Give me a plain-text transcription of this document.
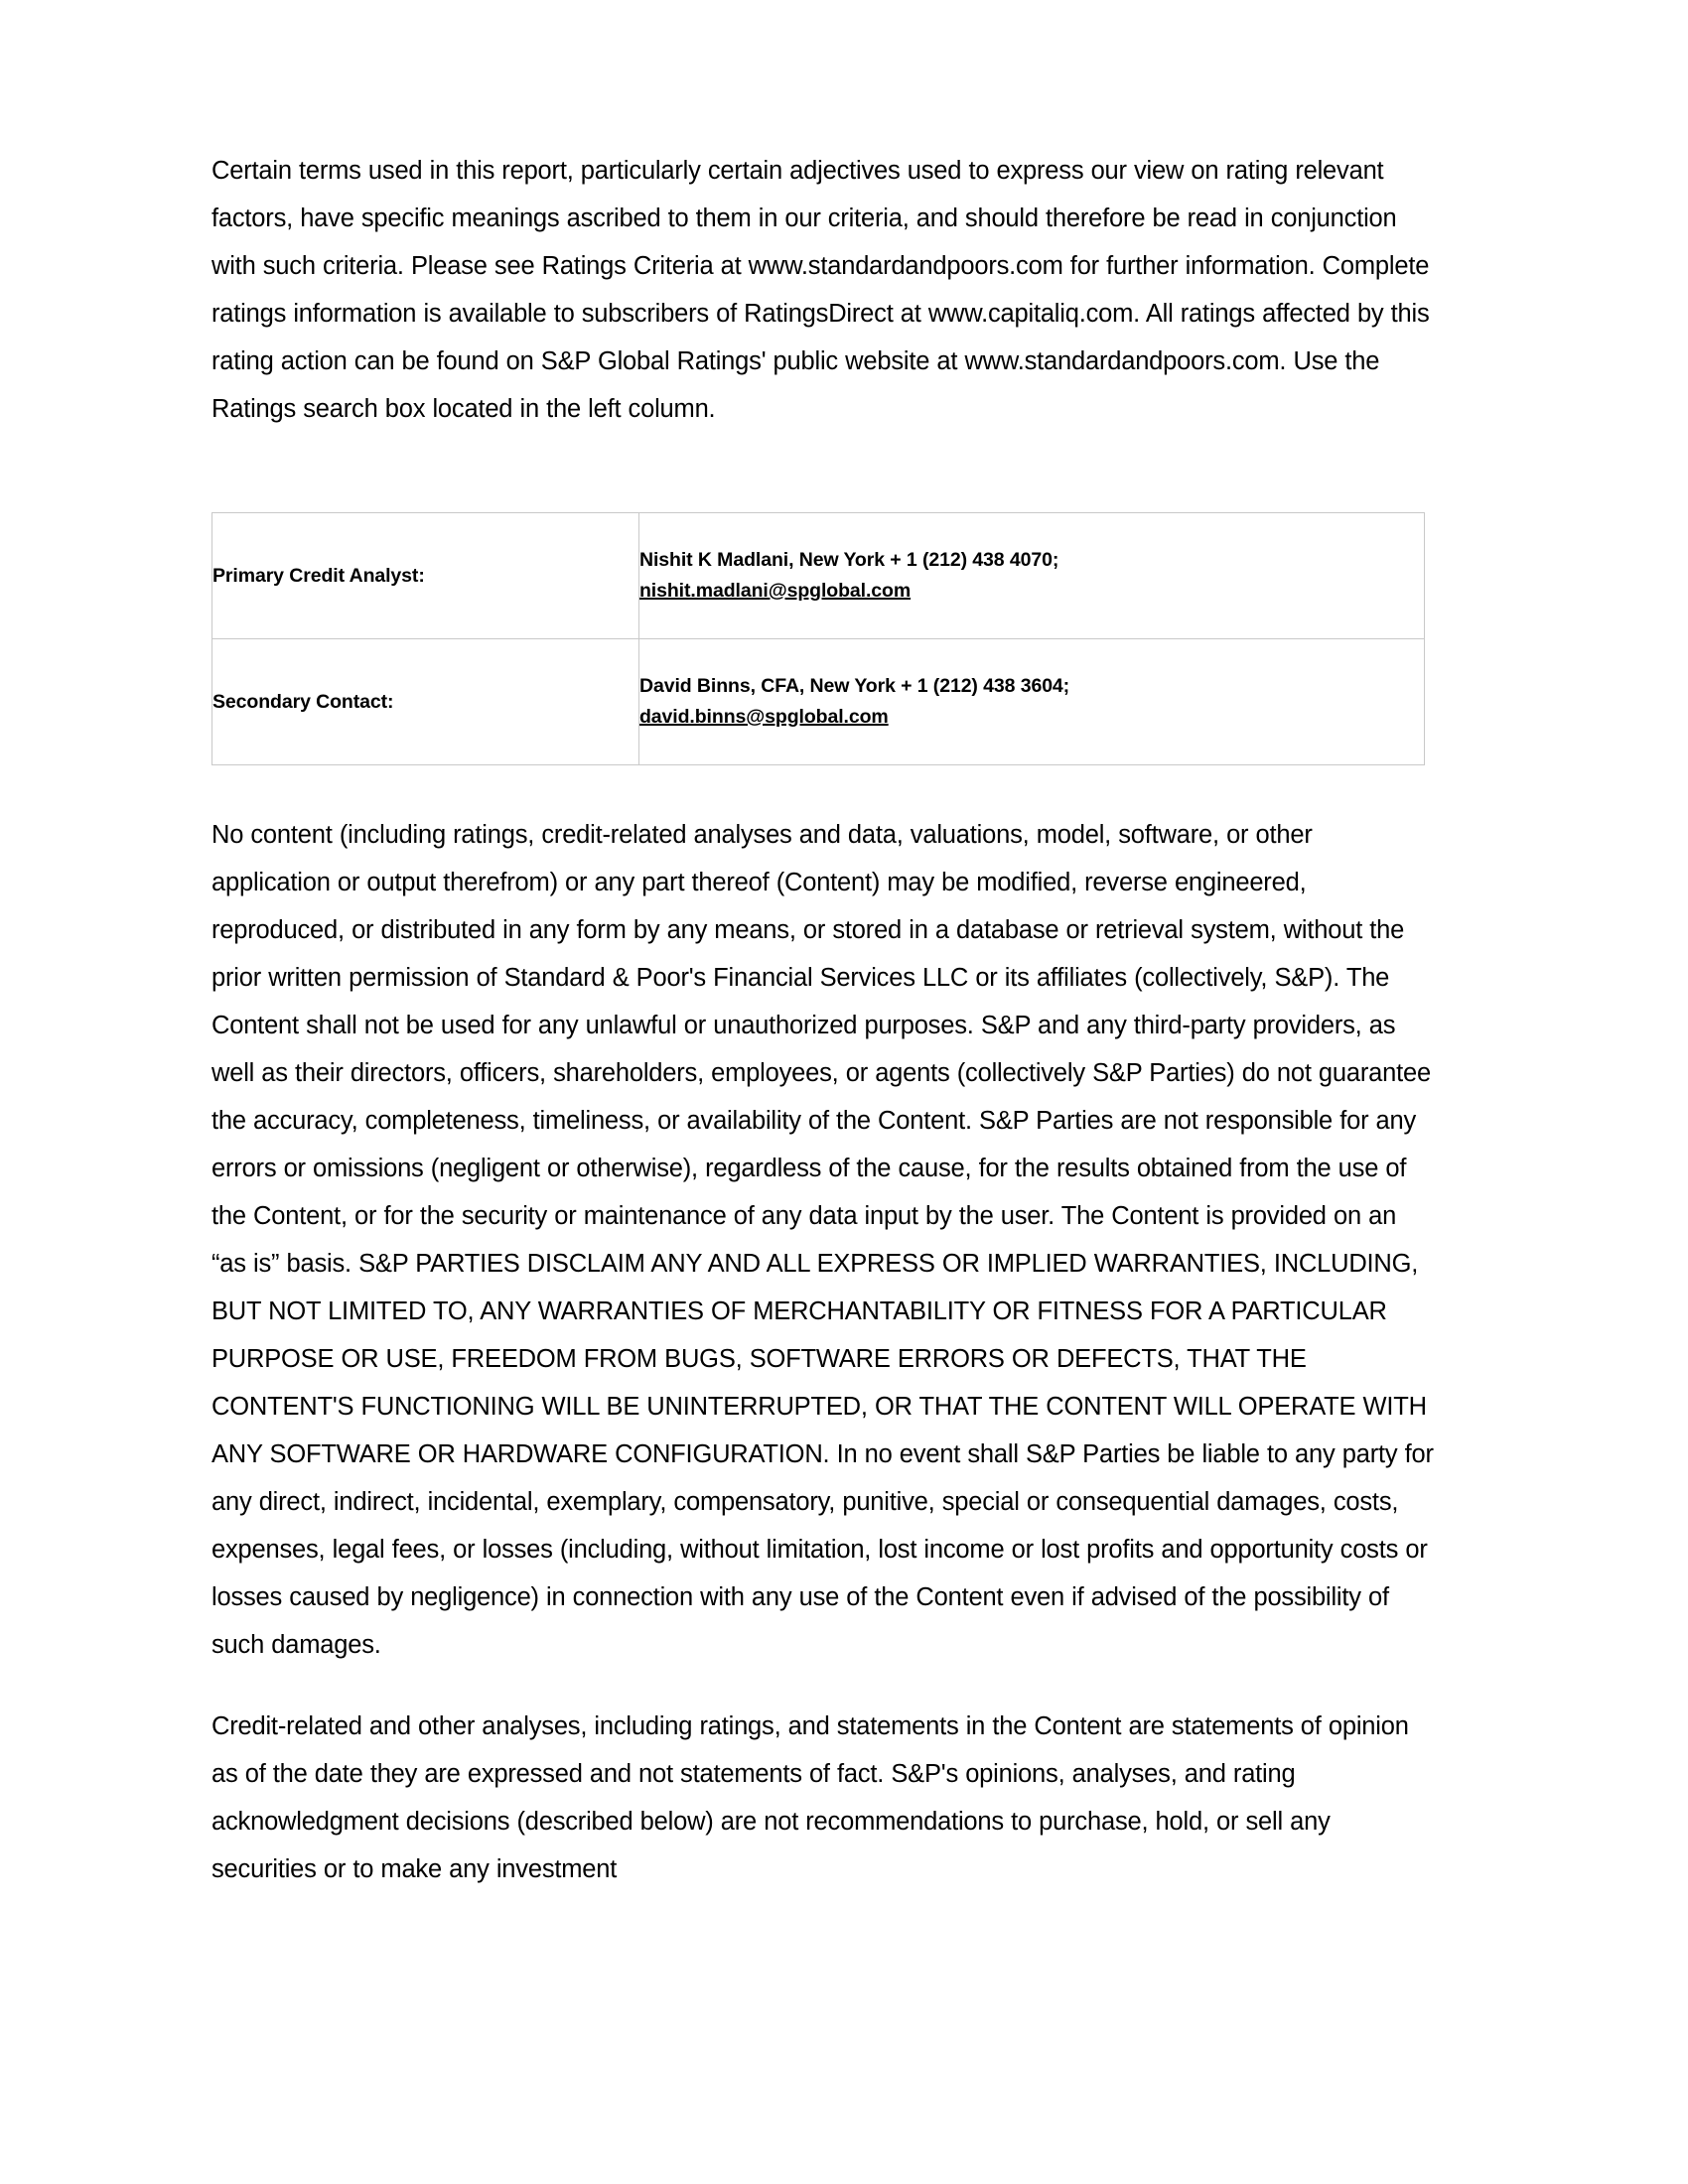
Certain terms used in this report, particularly certain adjectives used to express our view on rating relevant factors, have specific meanings ascribed to them in our criteria, and should therefore be read in conjunction with such criteria. Please see Ratings Criteria at www.standardandpoors.com for further information. Complete ratings information is available to subscribers of RatingsDirect at www.capitaliq.com. All ratings affected by this rating action can be found on S&P Global Ratings' public website at www.standardandpoors.com. Use the Ratings search box located in the left column.

Primary Credit Analyst:	Nishit K Madlani, New York + 1 (212) 438 4070;
nishit.madlani@spglobal.com
Secondary Contact:	David Binns, CFA, New York + 1 (212) 438 3604;
david.binns@spglobal.com

No content (including ratings, credit-related analyses and data, valuations, model, software, or other application or output therefrom) or any part thereof (Content) may be modified, reverse engineered, reproduced, or distributed in any form by any means, or stored in a database or retrieval system, without the prior written permission of Standard & Poor's Financial Services LLC or its affiliates (collectively, S&P). The Content shall not be used for any unlawful or unauthorized purposes. S&P and any third-party providers, as well as their directors, officers, shareholders, employees, or agents (collectively S&P Parties) do not guarantee the accuracy, completeness, timeliness, or availability of the Content. S&P Parties are not responsible for any errors or omissions (negligent or otherwise), regardless of the cause, for the results obtained from the use of the Content, or for the security or maintenance of any data input by the user. The Content is provided on an “as is” basis. S&P PARTIES DISCLAIM ANY AND ALL EXPRESS OR IMPLIED WARRANTIES, INCLUDING, BUT NOT LIMITED TO, ANY WARRANTIES OF MERCHANTABILITY OR FITNESS FOR A PARTICULAR PURPOSE OR USE, FREEDOM FROM BUGS, SOFTWARE ERRORS OR DEFECTS, THAT THE CONTENT'S FUNCTIONING WILL BE UNINTERRUPTED, OR THAT THE CONTENT WILL OPERATE WITH ANY SOFTWARE OR HARDWARE CONFIGURATION. In no event shall S&P Parties be liable to any party for any direct, indirect, incidental, exemplary, compensatory, punitive, special or consequential damages, costs, expenses, legal fees, or losses (including, without limitation, lost income or lost profits and opportunity costs or losses caused by negligence) in connection with any use of the Content even if advised of the possibility of such damages.

Credit-related and other analyses, including ratings, and statements in the Content are statements of opinion as of the date they are expressed and not statements of fact. S&P's opinions, analyses, and rating acknowledgment decisions (described below) are not recommendations to purchase, hold, or sell any securities or to make any investment
